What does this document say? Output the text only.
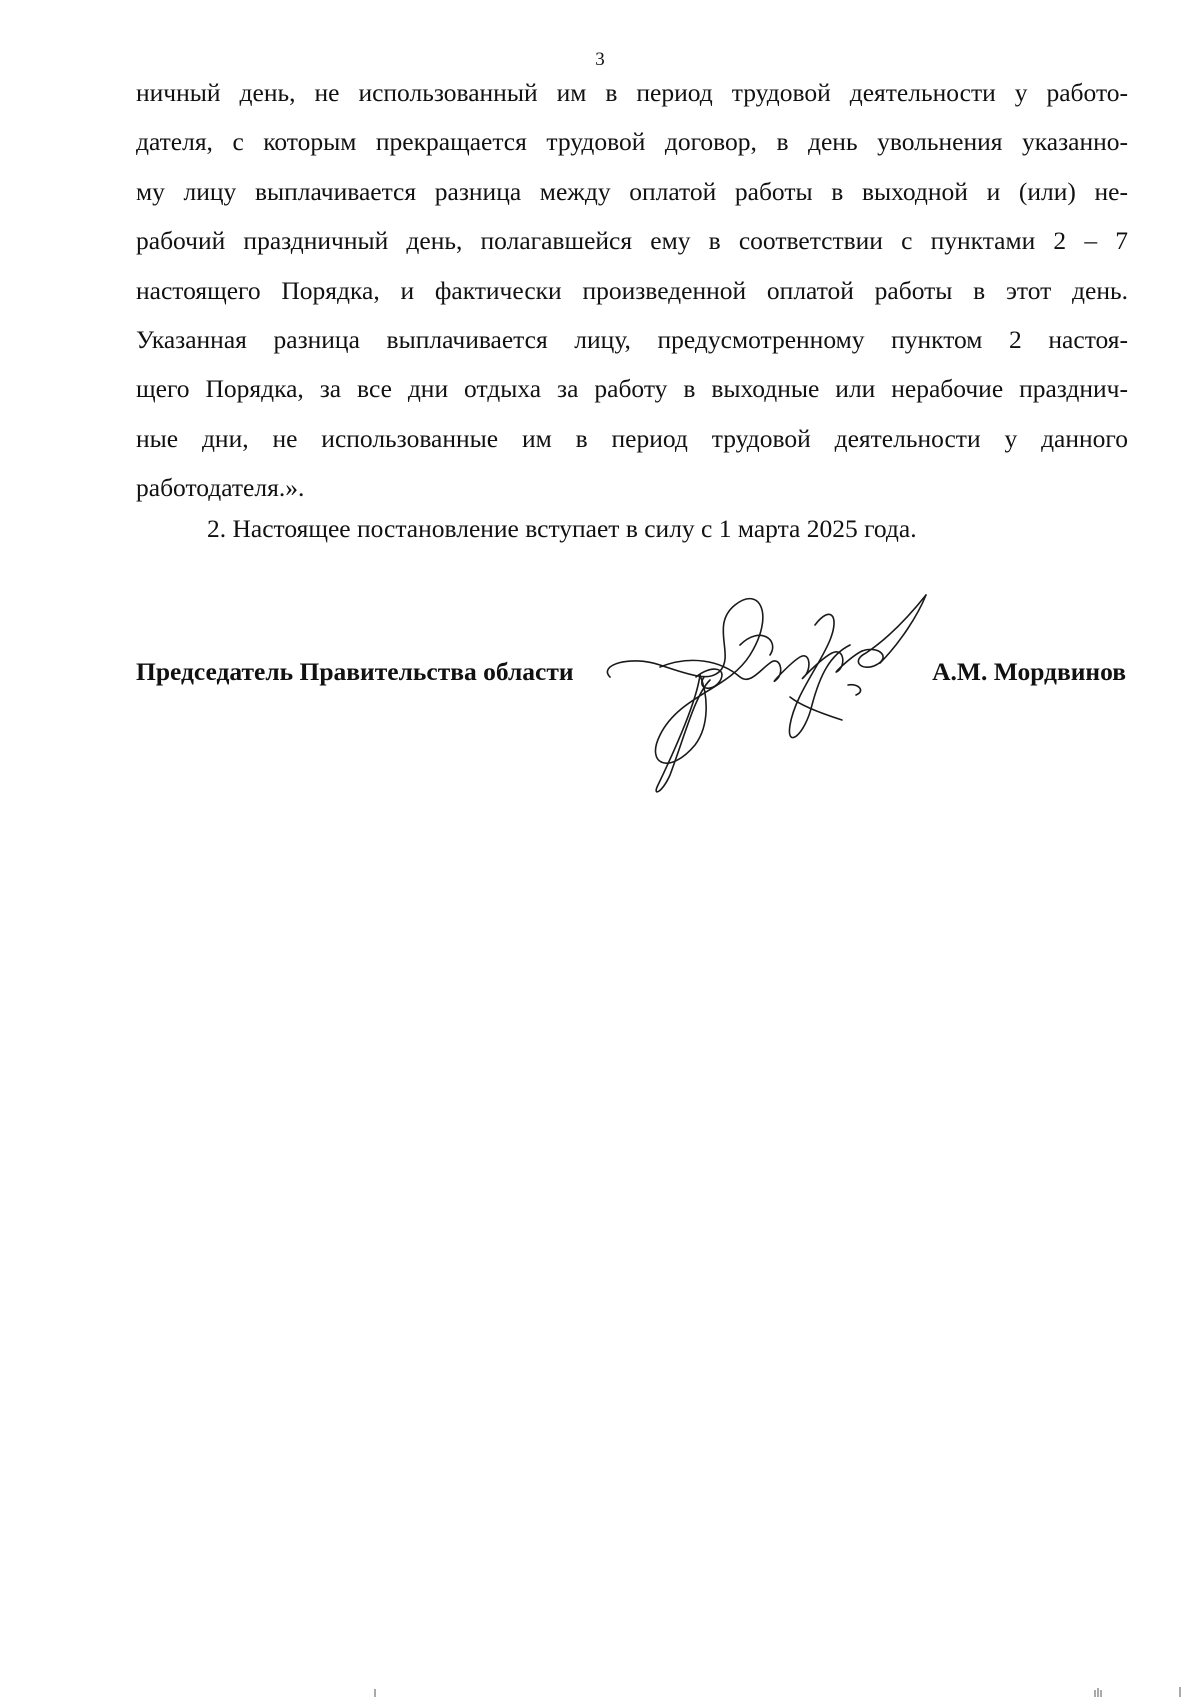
3
ничный день, не использованный им в период трудовой деятельности у работо-
дателя, с которым прекращается трудовой договор, в день увольнения указанно-
му лицу выплачивается разница между оплатой работы в выходной и (или) не-
рабочий праздничный день, полагавшейся ему в соответствии с пунктами 2 – 7
настоящего Порядка, и фактически произведенной оплатой работы в этот день.
Указанная разница выплачивается лицу, предусмотренному пунктом 2 настоя-
щего Порядка, за все дни отдыха за работу в выходные или нерабочие празднич-
ные дни, не использованные им в период трудовой деятельности у данного
работодателя.».
2. Настоящее постановление вступает в силу с 1 марта 2025 года.
Председатель Правительства области	А.М. Мордвинов
